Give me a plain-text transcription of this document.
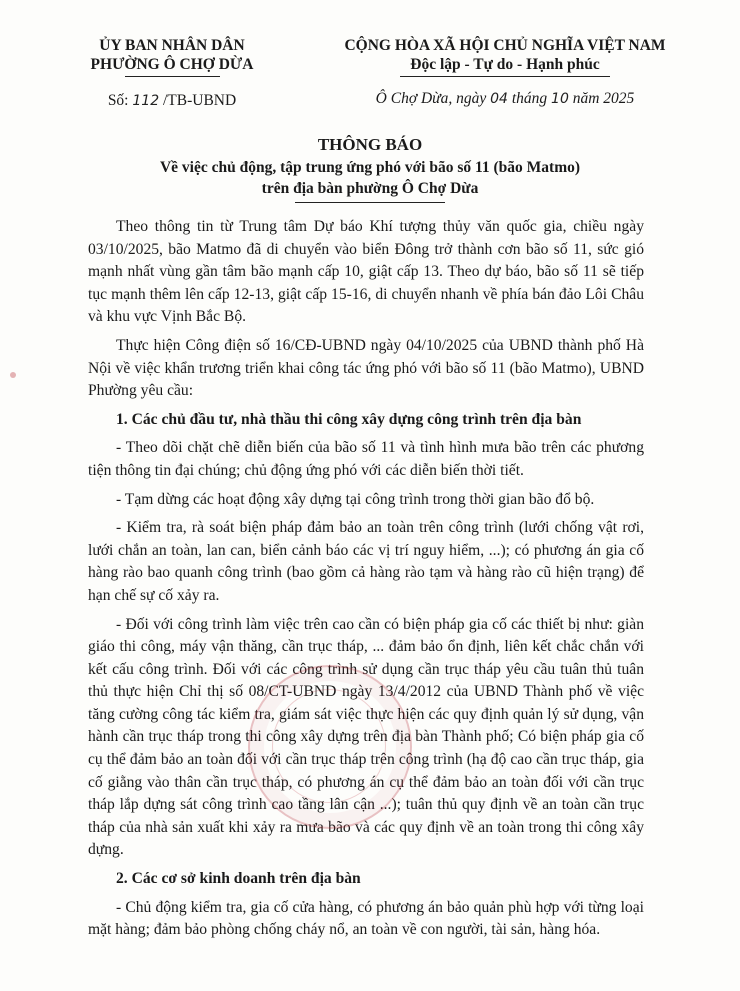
ỦY BAN NHÂN DÂN
PHƯỜNG Ô CHỢ DỪA
CỘNG HÒA XÃ HỘI CHỦ NGHĨA VIỆT NAM
Độc lập - Tự do - Hạnh phúc
Số: 112 /TB-UBND	Ô Chợ Dừa, ngày 04 tháng 10 năm 2025
THÔNG BÁO
Về việc chủ động, tập trung ứng phó với bão số 11 (bão Matmo)
trên địa bàn phường Ô Chợ Dừa

Theo thông tin từ Trung tâm Dự báo Khí tượng thủy văn quốc gia, chiều ngày 03/10/2025, bão Matmo đã di chuyển vào biển Đông trở thành cơn bão số 11, sức gió mạnh nhất vùng gần tâm bão mạnh cấp 10, giật cấp 13. Theo dự báo, bão số 11 sẽ tiếp tục mạnh thêm lên cấp 12-13, giật cấp 15-16, di chuyển nhanh về phía bán đảo Lôi Châu và khu vực Vịnh Bắc Bộ.

Thực hiện Công điện số 16/CĐ-UBND ngày 04/10/2025 của UBND thành phố Hà Nội về việc khẩn trương triển khai công tác ứng phó với bão số 11 (bão Matmo), UBND Phường yêu cầu:

1. Các chủ đầu tư, nhà thầu thi công xây dựng công trình trên địa bàn

- Theo dõi chặt chẽ diễn biến của bão số 11 và tình hình mưa bão trên các phương tiện thông tin đại chúng; chủ động ứng phó với các diễn biến thời tiết.

- Tạm dừng các hoạt động xây dựng tại công trình trong thời gian bão đổ bộ.

- Kiểm tra, rà soát biện pháp đảm bảo an toàn trên công trình (lưới chống vật rơi, lưới chắn an toàn, lan can, biển cảnh báo các vị trí nguy hiểm, ...); có phương án gia cố hàng rào bao quanh công trình (bao gồm cả hàng rào tạm và hàng rào cũ hiện trạng) để hạn chế sự cố xảy ra.

- Đối với công trình làm việc trên cao cần có biện pháp gia cố các thiết bị như: giàn giáo thi công, máy vận thăng, cần trục tháp, ... đảm bảo ổn định, liên kết chắc chắn với kết cấu công trình. Đối với các công trình sử dụng cần trục tháp yêu cầu tuân thủ tuân thủ thực hiện Chỉ thị số 08/CT-UBND ngày 13/4/2012 của UBND Thành phố về việc tăng cường công tác kiểm tra, giám sát việc thực hiện các quy định quản lý sử dụng, vận hành cần trục tháp trong thi công xây dựng trên địa bàn Thành phố; Có biện pháp gia cố cụ thể đảm bảo an toàn đối với cần trục tháp trên công trình (hạ độ cao cần trục tháp, gia cố giằng vào thân cần trục tháp, có phương án cụ thể đảm bảo an toàn đối với cần trục tháp lắp dựng sát công trình cao tầng lân cận ...); tuân thủ quy định về an toàn cần trục tháp của nhà sản xuất khi xảy ra mưa bão và các quy định về an toàn trong thi công xây dựng.

2. Các cơ sở kinh doanh trên địa bàn

- Chủ động kiểm tra, gia cố cửa hàng, có phương án bảo quản phù hợp với từng loại mặt hàng; đảm bảo phòng chống cháy nổ, an toàn về con người, tài sản, hàng hóa.
